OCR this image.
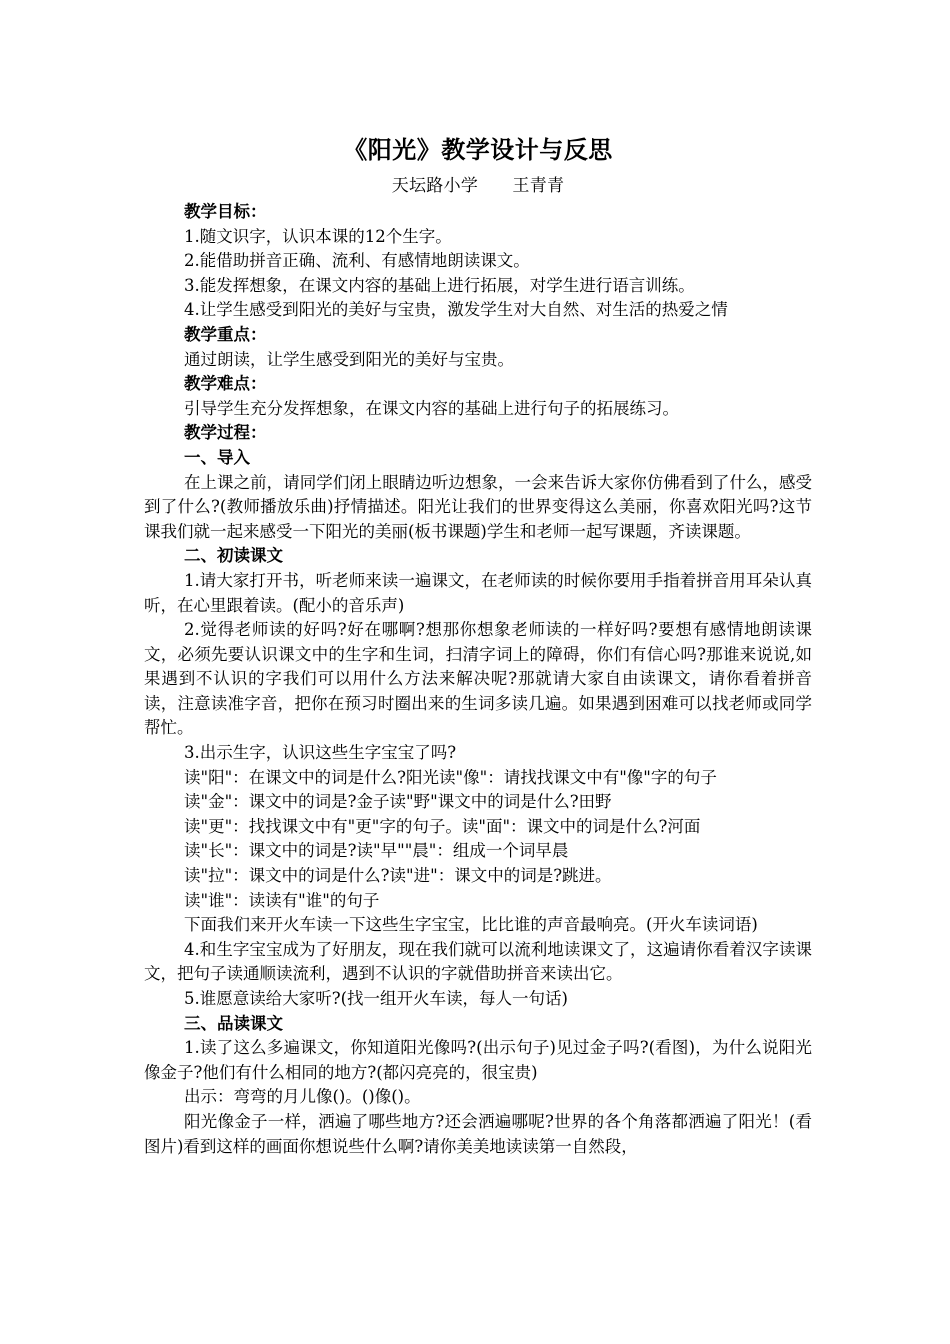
《阳光》教学设计与反思

天坛路小学      王青青

教学目标：

1.随文识字，认识本课的12个生字。

2.能借助拼音正确、流利、有感情地朗读课文。

3.能发挥想象，在课文内容的基础上进行拓展，对学生进行语言训练。

4.让学生感受到阳光的美好与宝贵，激发学生对大自然、对生活的热爱之情

教学重点：

通过朗读，让学生感受到阳光的美好与宝贵。

教学难点：

引导学生充分发挥想象，在课文内容的基础上进行句子的拓展练习。

教学过程：

一、导入

在上课之前，请同学们闭上眼睛边听边想象，一会来告诉大家你仿佛看到了什么，感受到了什么?(教师播放乐曲)抒情描述。阳光让我们的世界变得这么美丽，你喜欢阳光吗?这节课我们就一起来感受一下阳光的美丽(板书课题)学生和老师一起写课题，齐读课题。

二、初读课文

1.请大家打开书，听老师来读一遍课文，在老师读的时候你要用手指着拼音用耳朵认真听，在心里跟着读。(配小的音乐声)

2.觉得老师读的好吗?好在哪啊?想那你想象老师读的一样好吗?要想有感情地朗读课文，必须先要认识课文中的生字和生词，扫清字词上的障碍，你们有信心吗?那谁来说说,如果遇到不认识的字我们可以用什么方法来解决呢?那就请大家自由读课文，请你看着拼音读，注意读准字音，把你在预习时圈出来的生词多读几遍。如果遇到困难可以找老师或同学帮忙。

3.出示生字，认识这些生字宝宝了吗?

读"阳"：在课文中的词是什么?阳光读"像"：请找找课文中有"像"字的句子

读"金"：课文中的词是?金子读"野"课文中的词是什么?田野

读"更"：找找课文中有"更"字的句子。读"面"：课文中的词是什么?河面

读"长"：课文中的词是?读"早""晨"：组成一个词早晨

读"拉"：课文中的词是什么?读"进"：课文中的词是?跳进。

读"谁"：读读有"谁"的句子

下面我们来开火车读一下这些生字宝宝，比比谁的声音最响亮。(开火车读词语)

4.和生字宝宝成为了好朋友，现在我们就可以流利地读课文了，这遍请你看着汉字读课文，把句子读通顺读流利，遇到不认识的字就借助拼音来读出它。

5.谁愿意读给大家听?(找一组开火车读，每人一句话)

三、品读课文

1.读了这么多遍课文，你知道阳光像吗?(出示句子)见过金子吗?(看图)，为什么说阳光像金子?他们有什么相同的地方?(都闪亮亮的，很宝贵)

出示：弯弯的月儿像()。()像()。

阳光像金子一样，洒遍了哪些地方?还会洒遍哪呢?世界的各个角落都洒遍了阳光！(看图片)看到这样的画面你想说些什么啊?请你美美地读读第一自然段，
